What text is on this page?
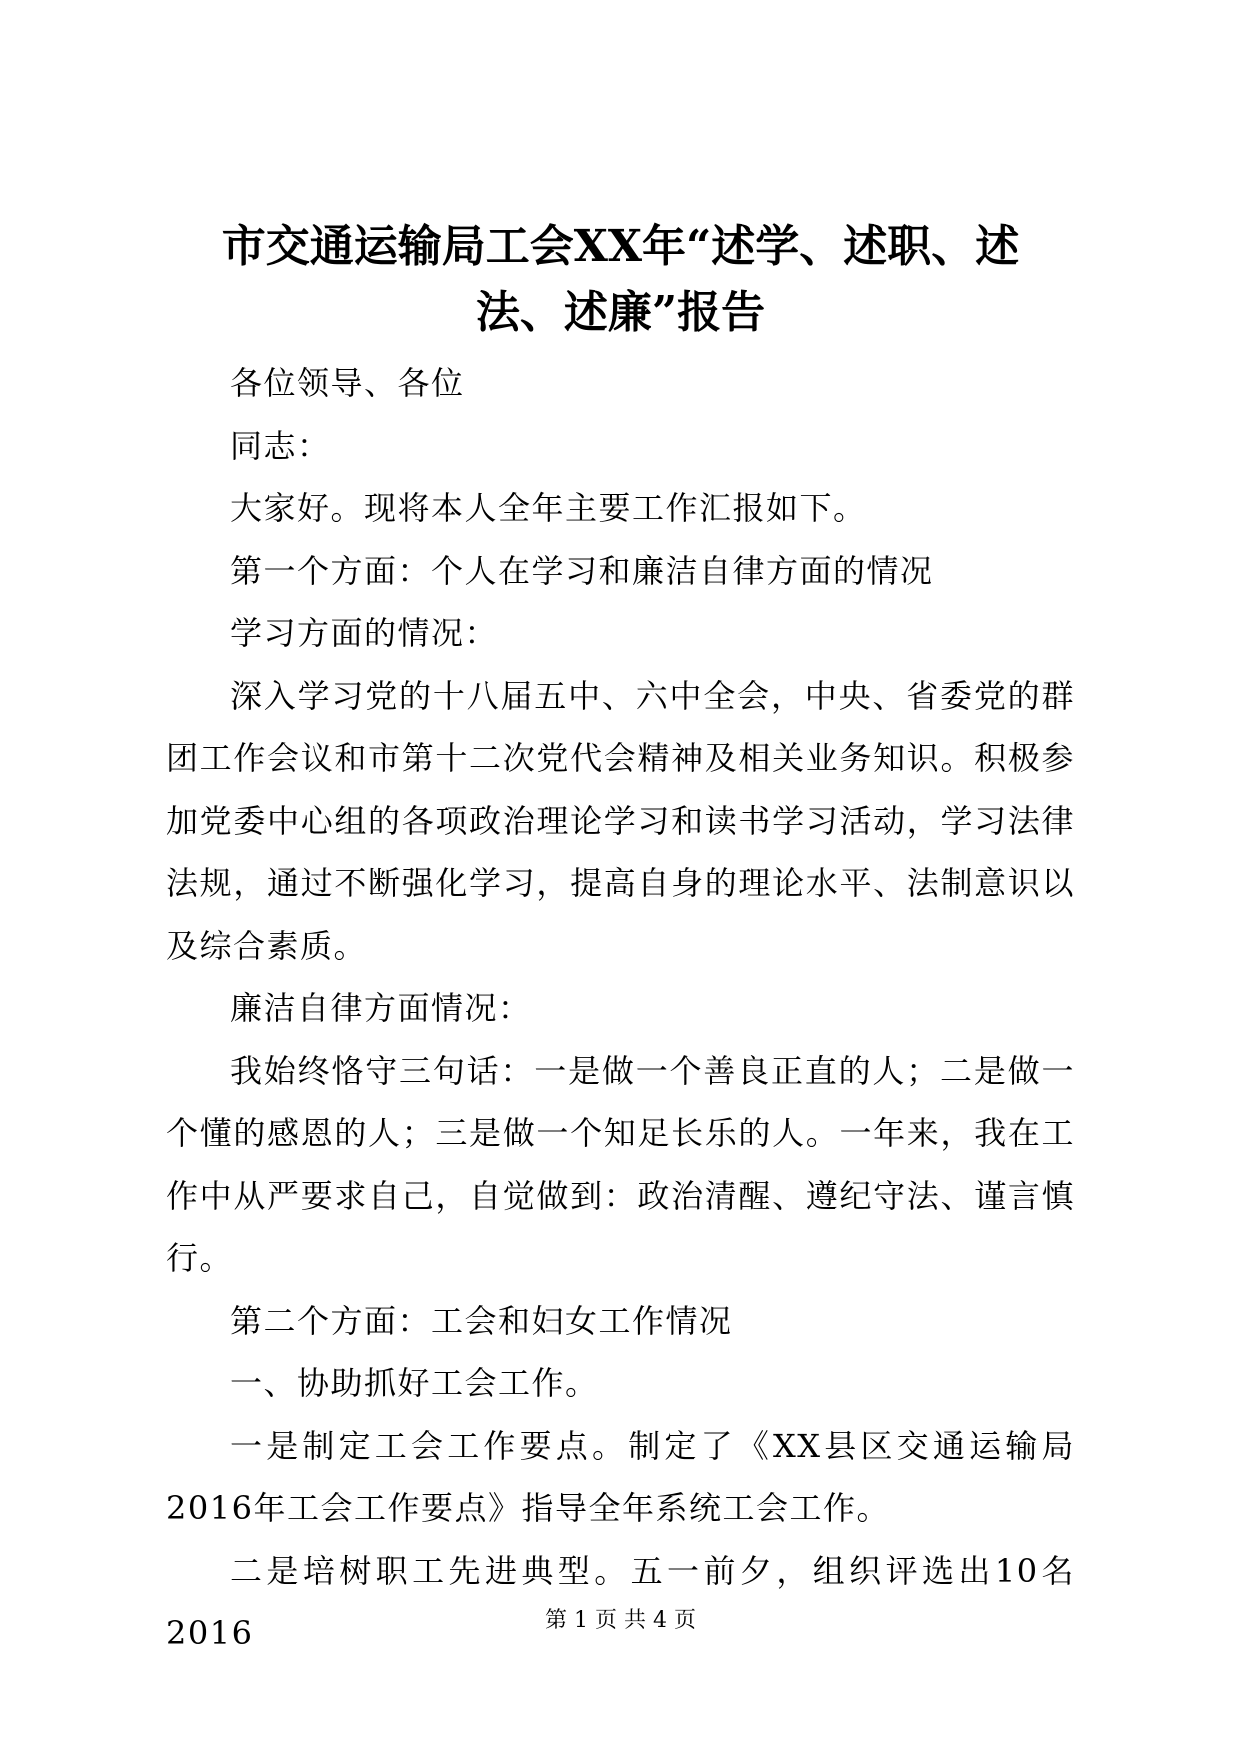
市交通运输局工会XX年“述学、述职、述
法、述廉”报告

各位领导、各位

同志：

大家好。现将本人全年主要工作汇报如下。

第一个方面：个人在学习和廉洁自律方面的情况

学习方面的情况：

深入学习党的十八届五中、六中全会，中央、省委党的群团工作会议和市第十二次党代会精神及相关业务知识。积极参加党委中心组的各项政治理论学习和读书学习活动，学习法律法规，通过不断强化学习，提高自身的理论水平、法制意识以及综合素质。

廉洁自律方面情况：

我始终恪守三句话：一是做一个善良正直的人；二是做一个懂的感恩的人；三是做一个知足长乐的人。一年来，我在工作中从严要求自己，自觉做到：政治清醒、遵纪守法、谨言慎行。

第二个方面：工会和妇女工作情况

一、协助抓好工会工作。

一是制定工会工作要点。制定了《XX县区交通运输局2016年工会工作要点》指导全年系统工会工作。

二是培树职工先进典型。五一前夕，组织评选出10名2016	第 1 页 共 4 页
